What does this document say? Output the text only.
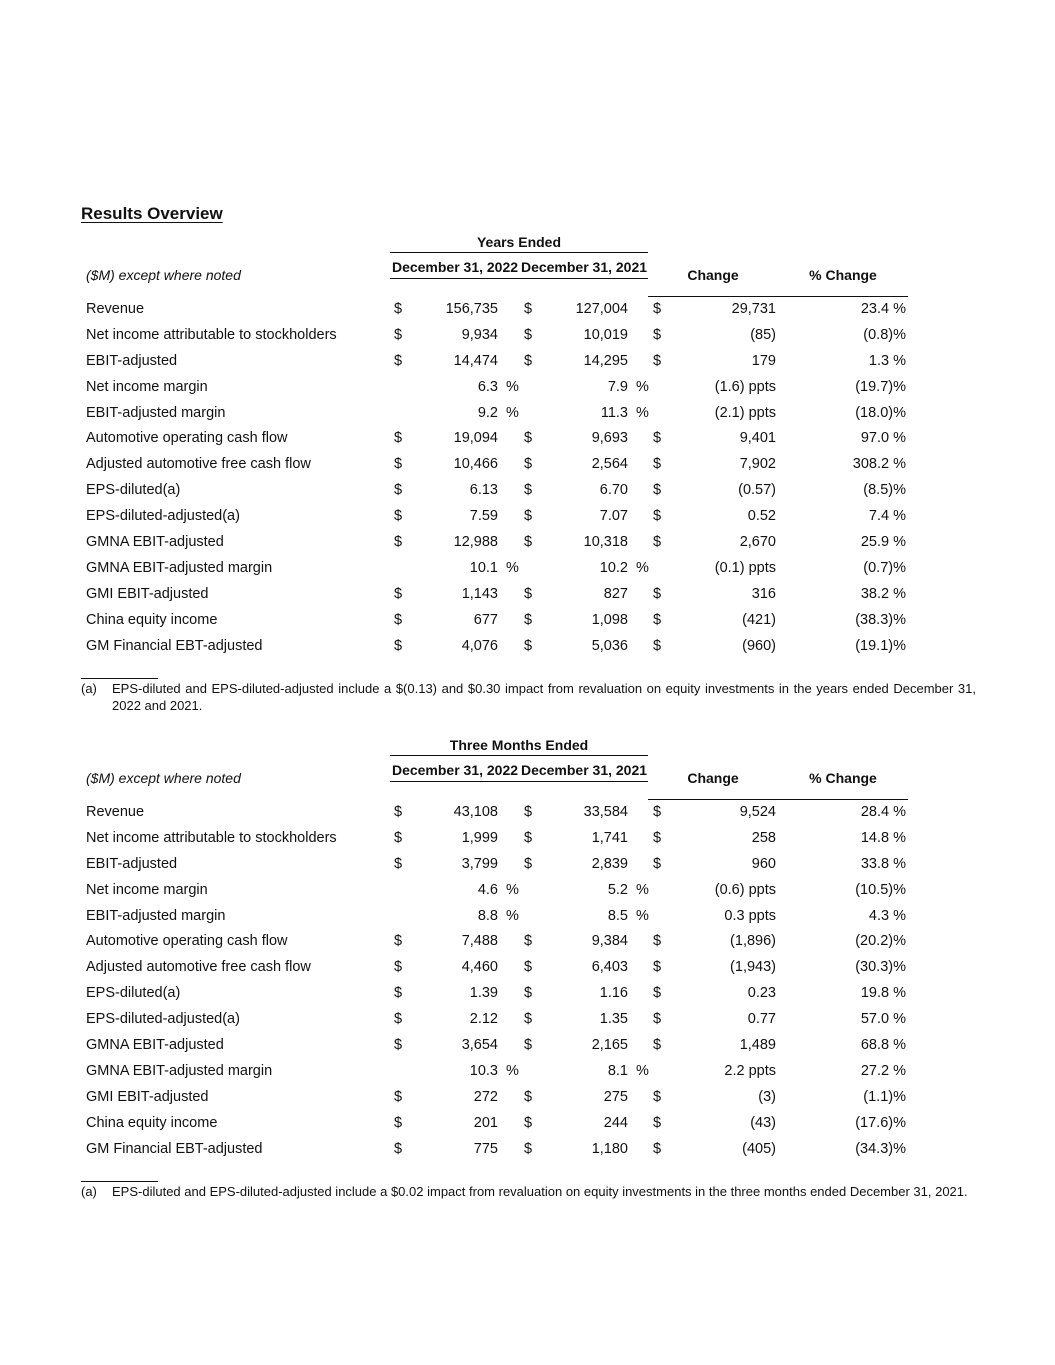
Results Overview
Years Ended
($M) except where noted	December 31, 2022 December 31, 2021	Change	% Change
Revenue	$	156,735 $	127,004 $	29,731	23.4 %
Net income attributable to stockholders	$	9,934 $	10,019 $	(85)	(0.8)%
EBIT-adjusted	$	14,474 $	14,295 $	179	1.3 %
Net income margin	6.3 %	7.9 %	(1.6) ppts	(19.7)%
EBIT-adjusted margin	9.2 %	11.3 %	(2.1) ppts	(18.0)%
Automotive operating cash flow	$	19,094 $	9,693 $	9,401	97.0 %
Adjusted automotive free cash flow	$	10,466 $	2,564 $	7,902	308.2 %
EPS-diluted(a)	$	6.13 $	6.70 $	(0.57)	(8.5)%
EPS-diluted-adjusted(a)	$	7.59 $	7.07 $	0.52	7.4 %
GMNA EBIT-adjusted	$	12,988 $	10,318 $	2,670	25.9 %
GMNA EBIT-adjusted margin	10.1 %	10.2 %	(0.1) ppts	(0.7)%
GMI EBIT-adjusted	$	1,143 $	827 $	316	38.2 %
China equity income	$	677 $	1,098 $	(421)	(38.3)%
GM Financial EBT-adjusted	$	4,076 $	5,036 $	(960)	(19.1)%
(a) EPS-diluted and EPS-diluted-adjusted include a $(0.13) and $0.30 impact from revaluation on equity investments in the years ended December 31, 2022 and 2021.
Three Months Ended
($M) except where noted	December 31, 2022 December 31, 2021	Change	% Change
Revenue	$	43,108 $	33,584 $	9,524	28.4 %
Net income attributable to stockholders	$	1,999 $	1,741 $	258	14.8 %
EBIT-adjusted	$	3,799 $	2,839 $	960	33.8 %
Net income margin	4.6 %	5.2 %	(0.6) ppts	(10.5)%
EBIT-adjusted margin	8.8 %	8.5 %	0.3 ppts	4.3 %
Automotive operating cash flow	$	7,488 $	9,384 $	(1,896)	(20.2)%
Adjusted automotive free cash flow	$	4,460 $	6,403 $	(1,943)	(30.3)%
EPS-diluted(a)	$	1.39 $	1.16 $	0.23	19.8 %
EPS-diluted-adjusted(a)	$	2.12 $	1.35 $	0.77	57.0 %
GMNA EBIT-adjusted	$	3,654 $	2,165 $	1,489	68.8 %
GMNA EBIT-adjusted margin	10.3 %	8.1 %	2.2 ppts	27.2 %
GMI EBIT-adjusted	$	272 $	275 $	(3)	(1.1)%
China equity income	$	201 $	244 $	(43)	(17.6)%
GM Financial EBT-adjusted	$	775 $	1,180 $	(405)	(34.3)%
(a) EPS-diluted and EPS-diluted-adjusted include a $0.02 impact from revaluation on equity investments in the three months ended December 31, 2021.
